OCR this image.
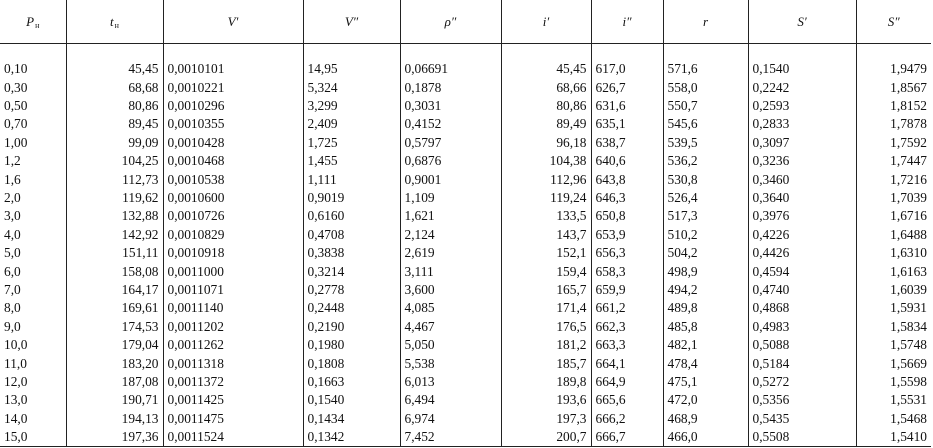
$P_н$	$t_н$	V′	V″	ρ″	i′	i″	r	S′	S″

0,10	45,45	0,0010101	14,95	0,06691	45,45	617,0	571,6	0,1540	1,9479
0,30	68,68	0,0010221	5,324	0,1878	68,66	626,7	558,0	0,2242	1,8567
0,50	80,86	0,0010296	3,299	0,3031	80,86	631,6	550,7	0,2593	1,8152
0,70	89,45	0,0010355	2,409	0,4152	89,49	635,1	545,6	0,2833	1,7878
1,00	99,09	0,0010428	1,725	0,5797	96,18	638,7	539,5	0,3097	1,7592
1,2	104,25	0,0010468	1,455	0,6876	104,38	640,6	536,2	0,3236	1,7447
1,6	112,73	0,0010538	1,111	0,9001	112,96	643,8	530,8	0,3460	1,7216
2,0	119,62	0,0010600	0,9019	1,109	119,24	646,3	526,4	0,3640	1,7039
3,0	132,88	0,0010726	0,6160	1,621	133,5	650,8	517,3	0,3976	1,6716
4,0	142,92	0,0010829	0,4708	2,124	143,7	653,9	510,2	0,4226	1,6488
5,0	151,11	0,0010918	0,3838	2,619	152,1	656,3	504,2	0,4426	1,6310
6,0	158,08	0,0011000	0,3214	3,111	159,4	658,3	498,9	0,4594	1,6163
7,0	164,17	0,0011071	0,2778	3,600	165,7	659,9	494,2	0,4740	1,6039
8,0	169,61	0,0011140	0,2448	4,085	171,4	661,2	489,8	0,4868	1,5931
9,0	174,53	0,0011202	0,2190	4,467	176,5	662,3	485,8	0,4983	1,5834
10,0	179,04	0,0011262	0,1980	5,050	181,2	663,3	482,1	0,5088	1,5748
11,0	183,20	0,0011318	0,1808	5,538	185,7	664,1	478,4	0,5184	1,5669
12,0	187,08	0,0011372	0,1663	6,013	189,8	664,9	475,1	0,5272	1,5598
13,0	190,71	0,0011425	0,1540	6,494	193,6	665,6	472,0	0,5356	1,5531
14,0	194,13	0,0011475	0,1434	6,974	197,3	666,2	468,9	0,5435	1,5468
15,0	197,36	0,0011524	0,1342	7,452	200,7	666,7	466,0	0,5508	1,5410
